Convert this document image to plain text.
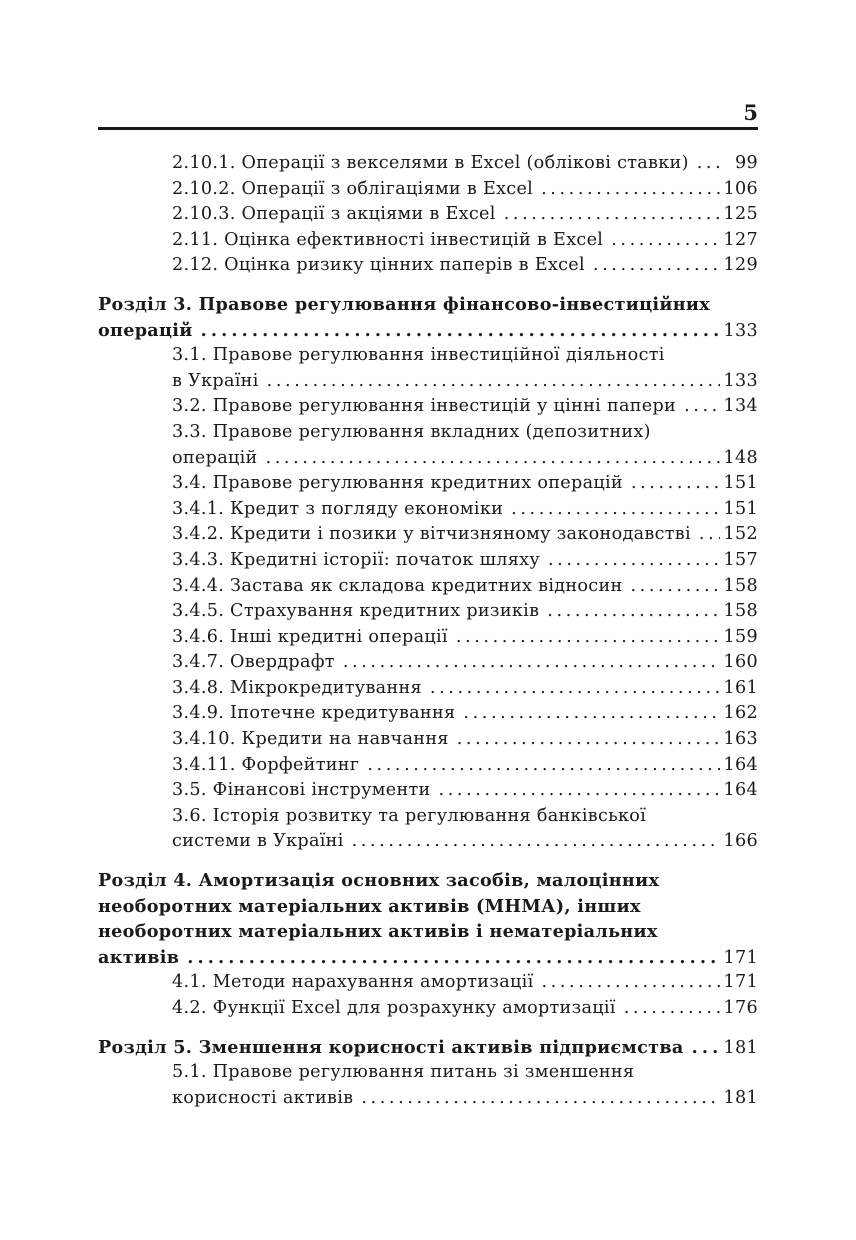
5
2.10.1. Операції з векселями в Excel (облікові ставки) . . .	99
2.10.2. Операції з облігаціями в Excel . . .	106
2.10.3. Операції з акціями в Excel . . .	125
2.11. Оцінка ефективності інвестицій в Excel . . .	127
2.12. Оцінка ризику цінних паперів в Excel . . .	129
Розділ 3. Правове регулювання фінансово-інвестиційних
операцій . . .	133
3.1. Правове регулювання інвестиційної діяльності
в Україні . . .	133
3.2. Правове регулювання інвестицій у цінні папери . . .	134
3.3. Правове регулювання вкладних (депозитних)
операцій . . .	148
3.4. Правове регулювання кредитних операцій . . .	151
3.4.1. Кредит з погляду економіки . . .	151
3.4.2. Кредити і позики у вітчизняному законодавстві . . . 152
3.4.3. Кредитні історії: початок шляху . . .	157
3.4.4. Застава як складова кредитних відносин . . .	158
3.4.5. Страхування кредитних ризиків . . .	158
3.4.6. Інші кредитні операції . . .	159
3.4.7. Овердрафт . . .	160
3.4.8. Мікрокредитування . . .	161
3.4.9. Іпотечне кредитування . . .	162
3.4.10. Кредити на навчання . . .	163
3.4.11. Форфейтинг . . .	164
3.5. Фінансові інструменти . . .	164
3.6. Історія розвитку та регулювання банківської
системи в Україні . . .	166
Розділ 4. Амортизація основних засобів, малоцінних
необоротних матеріальних активів (МНМА), інших
необоротних матеріальних активів і нематеріальних
активів . . .	171
4.1. Методи нарахування амортизації . . .	171
4.2. Функції Excel для розрахунку амортизації . . .	176
Розділ 5. Зменшення корисності активів підприємства . . . 181
5.1. Правове регулювання питань зі зменшення
корисності активів . . .	181
